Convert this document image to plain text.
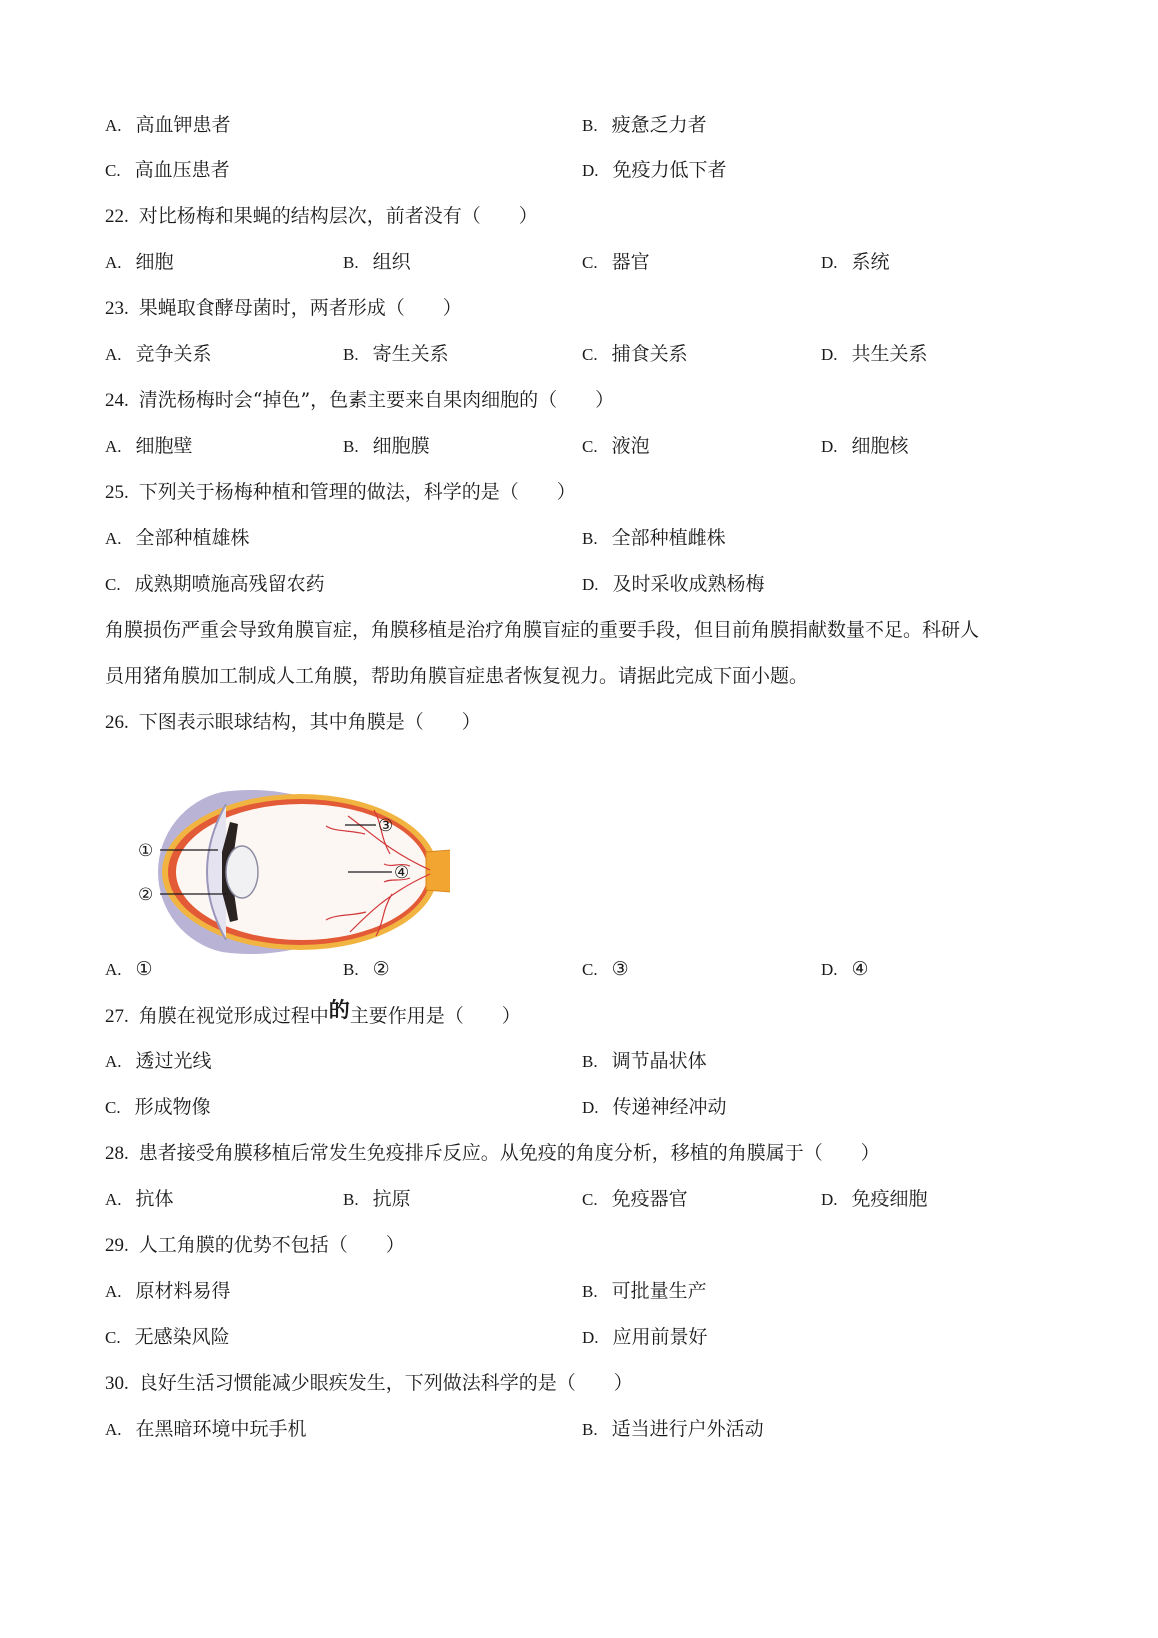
A. 高血钾患者	B. 疲惫乏力者
C. 高血压患者	D. 免疫力低下者
22. 对比杨梅和果蝇的结构层次，前者没有（　　）
A. 细胞	B. 组织	C. 器官	D. 系统
23. 果蝇取食酵母菌时，两者形成（　　）
A. 竞争关系	B. 寄生关系	C. 捕食关系	D. 共生关系
24. 清洗杨梅时会“掉色”，色素主要来自果肉细胞的（　　）
A. 细胞壁	B. 细胞膜	C. 液泡	D. 细胞核
25. 下列关于杨梅种植和管理的做法，科学的是（　　）
A. 全部种植雄株	B. 全部种植雌株
C. 成熟期喷施高残留农药	D. 及时采收成熟杨梅
角膜损伤严重会导致角膜盲症，角膜移植是治疗角膜盲症的重要手段，但目前角膜捐献数量不足。科研人
员用猪角膜加工制成人工角膜，帮助角膜盲症患者恢复视力。请据此完成下面小题。
26. 下图表示眼球结构，其中角膜是（　　）
①
②
③
④
A. ①	B. ②	C. ③	D. ④
27. 角膜在视觉形成过程中的主要作用是（　　）
A. 透过光线	B. 调节晶状体
C. 形成物像	D. 传递神经冲动
28. 患者接受角膜移植后常发生免疫排斥反应。从免疫的角度分析，移植的角膜属于（　　）
A. 抗体	B. 抗原	C. 免疫器官	D. 免疫细胞
29. 人工角膜的优势不包括（　　）
A. 原材料易得	B. 可批量生产
C. 无感染风险	D. 应用前景好
30. 良好生活习惯能减少眼疾发生，下列做法科学的是（　　）
A. 在黑暗环境中玩手机	B. 适当进行户外活动
